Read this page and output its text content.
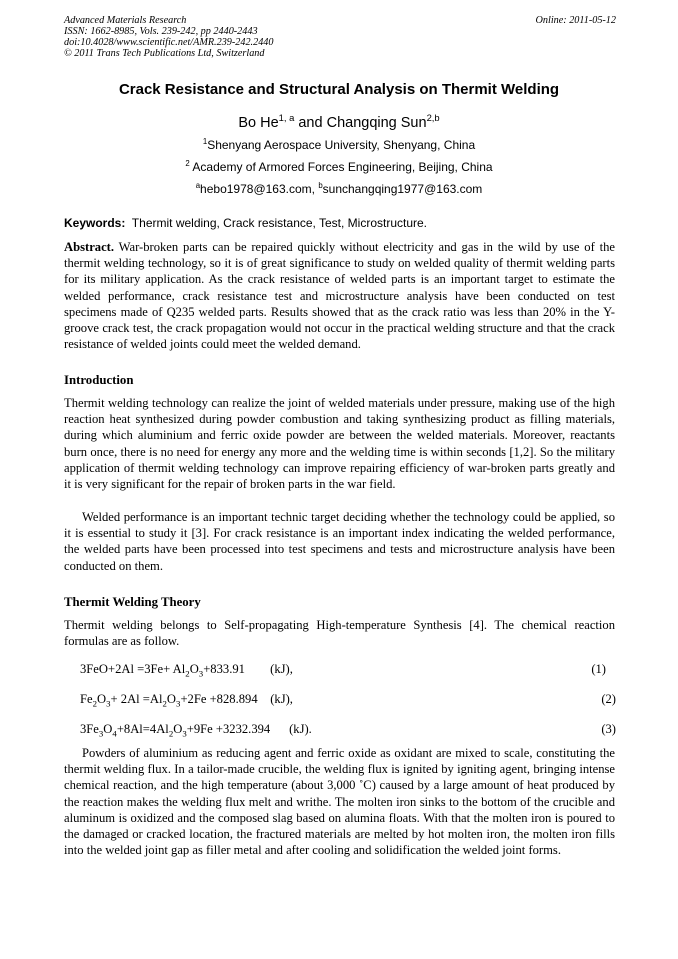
Advanced Materials Research
ISSN: 1662-8985, Vols. 239-242, pp 2440-2443
doi:10.4028/www.scientific.net/AMR.239-242.2440
© 2011 Trans Tech Publications Ltd, Switzerland
Online: 2011-05-12
Crack Resistance and Structural Analysis on Thermit Welding
Bo He$^{1, a}$ and Changqing Sun$^{2,b}$
$^1$Shenyang Aerospace University, Shenyang, China
$^2$ Academy of Armored Forces Engineering, Beijing, China
$^a$hebo1978@163.com, $^b$sunchangqing1977@163.com
Keywords:  Thermit welding, Crack resistance, Test, Microstructure.
Abstract. War-broken parts can be repaired quickly without electricity and gas in the wild by use of the thermit welding technology, so it is of great significance to study on welded quality of thermit welding parts for its military application. As the crack resistance of welded parts is an important target to estimate the welded performance, crack resistance test and microstructure analysis have been conducted on test specimens made of Q235 welded parts. Results showed that as the crack ratio was less than 20% in the Y-groove crack test, the crack propagation would not occur in the practical welding structure and that the crack resistance of welded joints could meet the welded demand.
Introduction
Thermit welding technology can realize the joint of welded materials under pressure, making use of the high reaction heat synthesized during powder combustion and taking synthesizing product as filling materials, during which aluminium and ferric oxide powder are between the welded materials. Moreover, reactants burn once, there is no need for energy any more and the welding time is within seconds [1,2]. So the military application of thermit welding technology can improve repairing efficiency of war-broken parts greatly and it is very significant for the repair of broken parts in the war field.
Welded performance is an important technic target deciding whether the technology could be applied, so it is essential to study it [3]. For crack resistance is an important index indicating the welded performance, the welded parts have been processed into test specimens and tests and microstructure analysis have been conducted on them.
Thermit Welding Theory
Thermit welding belongs to Self-propagating High-temperature Synthesis [4]. The chemical reaction formulas are as follow.
$3FeO+2Al =3Fe+ Al_2O_3+833.91$        (kJ),	(1)
$Fe_2O_3+ 2Al =Al_2O_3+2Fe +828.894$    (kJ),	(2)
$3Fe_3O_4+8Al=4Al_2O_3+9Fe +3232.394$      (kJ).	(3)
Powders of aluminium as reducing agent and ferric oxide as oxidant are mixed to scale, constituting the thermit welding flux. In a tailor-made crucible, the welding flux is ignited by igniting agent, bringing intense chemical reaction, and the high temperature (about 3,000 ˚C) caused by a large amount of heat produced by the reaction makes the welding flux melt and writhe. The molten iron sinks to the bottom of the crucible and aluminum is oxidized and the composed slag based on alumina floats. With that the molten iron is poured to the damaged or cracked location, the fractured materials are melted by hot molten iron, the molten iron fills into the welded joint gap as filler metal and after cooling and solidification the welded joint forms.
